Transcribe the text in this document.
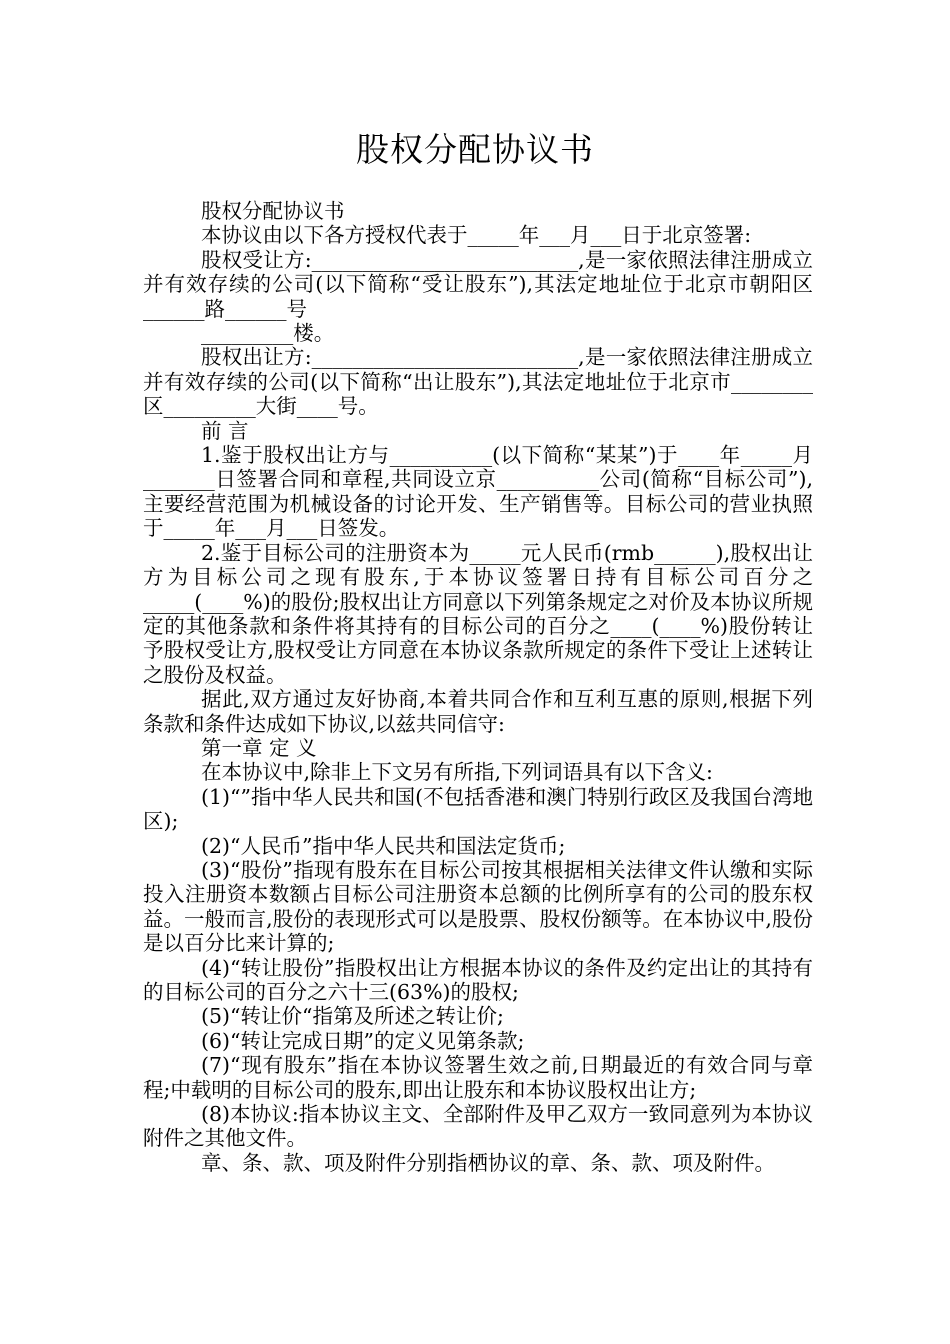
股权分配协议书

股权分配协议书

本协议由以下各方授权代表于_____年___月___日于北京签署:

股权受让方:__________________________,是一家依照法律注册成立并有效存续的公司(以下简称“受让股东”),其法定地址位于北京市朝阳区______路______号

_________楼。

股权出让方:__________________________,是一家依照法律注册成立并有效存续的公司(以下简称“出让股东”),其法定地址位于北京市________区_________大街____号。

前 言

1.鉴于股权出让方与__________(以下简称“某某”)于____年_____月_______日签署合同和章程,共同设立京__________公司(简称“目标公司”),主要经营范围为机械设备的讨论开发、生产销售等。目标公司的营业执照于_____年___月___日签发。

2.鉴于目标公司的注册资本为_____元人民币(rmb______),股权出让方为目标公司之现有股东,于本协议签署日持有目标公司百分之_____(____%)的股份;股权出让方同意以下列第条规定之对价及本协议所规定的其他条款和条件将其持有的目标公司的百分之____(____%)股份转让予股权受让方,股权受让方同意在本协议条款所规定的条件下受让上述转让之股份及权益。

据此,双方通过友好协商,本着共同合作和互利互惠的原则,根据下列条款和条件达成如下协议,以兹共同信守:

第一章 定 义

在本协议中,除非上下文另有所指,下列词语具有以下含义:

(1)“”指中华人民共和国(不包括香港和澳门特别行政区及我国台湾地区);

(2)“人民币”指中华人民共和国法定货币;

(3)“股份”指现有股东在目标公司按其根据相关法律文件认缴和实际投入注册资本数额占目标公司注册资本总额的比例所享有的公司的股东权益。一般而言,股份的表现形式可以是股票、股权份额等。在本协议中,股份是以百分比来计算的;

(4)“转让股份”指股权出让方根据本协议的条件及约定出让的其持有的目标公司的百分之六十三(63%)的股权;

(5)“转让价“指第及所述之转让价;

(6)“转让完成日期”的定义见第条款;

(7)“现有股东”指在本协议签署生效之前,日期最近的有效合同与章程;中载明的目标公司的股东,即出让股东和本协议股权出让方;

(8)本协议:指本协议主文、全部附件及甲乙双方一致同意列为本协议附件之其他文件。

章、条、款、项及附件分别指栖协议的章、条、款、项及附件。
